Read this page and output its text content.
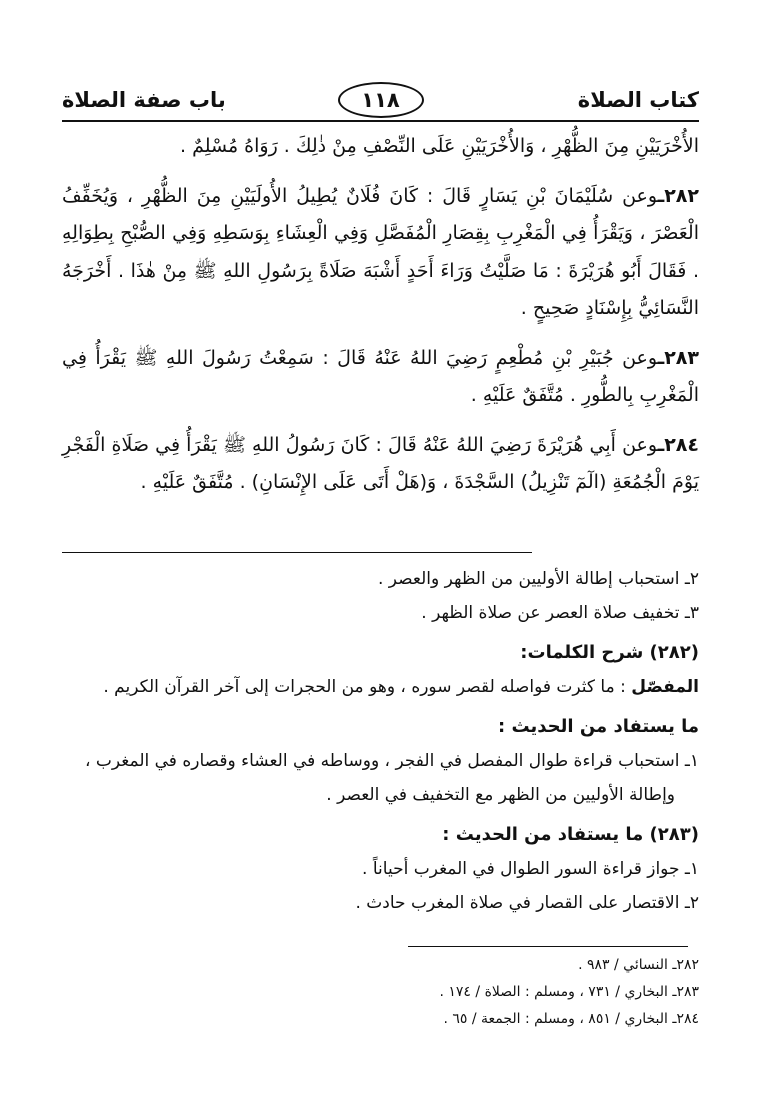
كتاب الصلاة
١١٨
باب صفة الصلاة

الأُخْرَيَيْنِ مِنَ الظُّهْرِ ، وَالأُخْرَيَيْنِ عَلَى النِّصْفِ مِنْ ذٰلِكَ . رَوَاهُ مُسْلِمٌ .

٢٨٢ـوعن سُلَيْمَانَ بْنِ يَسَارٍ قَالَ : كَانَ فُلَانٌ يُطِيلُ الأُولَيَيْنِ مِنَ الظُّهْرِ ، وَيُخَفِّفُ الْعَصْرَ ، وَيَقْرَأُ فِي الْمَغْرِبِ بِقِصَارِ الْمُفَصَّلِ وَفِي الْعِشَاءِ بِوَسَطِهِ وَفِي الصُّبْحِ بِطِوَالِهِ . فَقَالَ أَبُو هُرَيْرَةَ : مَا صَلَّيْتُ وَرَاءَ أَحَدٍ أَشْبَهَ صَلَاةً بِرَسُولِ اللهِ ﷺ مِنْ هٰذَا . أَخْرَجَهُ النَّسَائِيُّ بِإِسْنَادٍ صَحِيحٍ .

٢٨٣ـوعن جُبَيْرِ بْنِ مُطْعِمٍ رَضِيَ اللهُ عَنْهُ قَالَ : سَمِعْتُ رَسُولَ اللهِ ﷺ يَقْرَأُ فِي الْمَغْرِبِ بِالطُّورِ . مُتَّفَقٌ عَلَيْهِ .

٢٨٤ـوعن أَبِي هُرَيْرَةَ رَضِيَ اللهُ عَنْهُ قَالَ : كَانَ رَسُولُ اللهِ ﷺ يَقْرَأُ فِي صَلَاةِ الْفَجْرِ يَوْمَ الْجُمُعَةِ (الٓمٓ تَنْزِيلُ) السَّجْدَةَ ، وَ(هَلْ أَتَى عَلَى الإِنْسَانِ) . مُتَّفَقٌ عَلَيْهِ .

٢ـ استحباب إطالة الأوليين من الظهر والعصر .

٣ـ تخفيف صلاة العصر عن صلاة الظهر .

(٢٨٢) شرح الكلمات:

المفصّل : ما كثرت فواصله لقصر سوره ، وهو من الحجرات إلى آخر القرآن الكريم .

ما يستفاد من الحديث :

١ـ استحباب قراءة طوال المفصل في الفجر ، ووساطه في العشاء وقصاره في المغرب ،

وإطالة الأوليين من الظهر مع التخفيف في العصر .

(٢٨٣) ما يستفاد من الحديث :

١ـ جواز قراءة السور الطوال في المغرب أحياناً .

٢ـ الاقتصار على القصار في صلاة المغرب حادث .

٢٨٢ـ النسائي / ٩٨٣ .

٢٨٣ـ البخاري / ٧٣١ ، ومسلم : الصلاة / ١٧٤ .

٢٨٤ـ البخاري / ٨٥١ ، ومسلم : الجمعة / ٦٥ .
